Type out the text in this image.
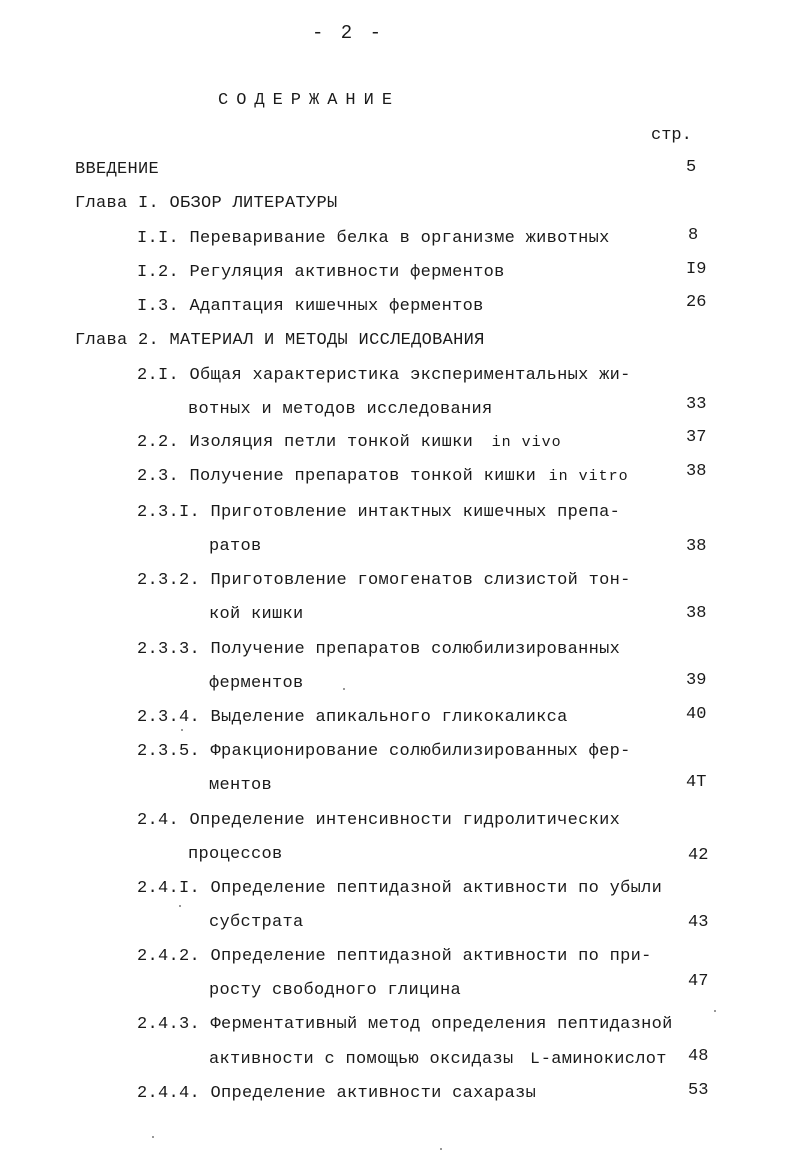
- 2 -
СОДЕРЖАНИЕ
стр.
ВВЕДЕНИЕ	5
Глава I. ОБЗОР ЛИТЕРАТУРЫ
I.I. Переваривание белка в организме животных	8
I.2. Регуляция активности ферментов	I9
I.3. Адаптация кишечных ферментов	26
Глава 2. МАТЕРИАЛ И МЕТОДЫ ИССЛЕДОВАНИЯ
2.I. Общая характеристика экспериментальных жи-
вотных и методов исследования	33
2.2. Изоляция петли тонкой кишки in vivo	37
2.3. Получение препаратов тонкой кишки in vitro	38
2.3.I. Приготовление интактных кишечных препа-
ратов	38
2.3.2. Приготовление гомогенатов слизистой тон-
кой кишки	38
2.3.3. Получение препаратов солюбилизированных
ферментов	39
2.3.4. Выделение апикального гликокаликса	40
2.3.5. Фракционирование солюбилизированных фер-
ментов	4Т
2.4. Определение интенсивности гидролитических
процессов	42
2.4.I. Определение пептидазной активности по убыли
субстрата	43
2.4.2. Определение пептидазной активности по при-
росту свободного глицина	47
2.4.3. Ферментативный метод определения пептидазной
активности с помощью оксидазы L-аминокислот 48
2.4.4. Определение активности сахаразы	53
